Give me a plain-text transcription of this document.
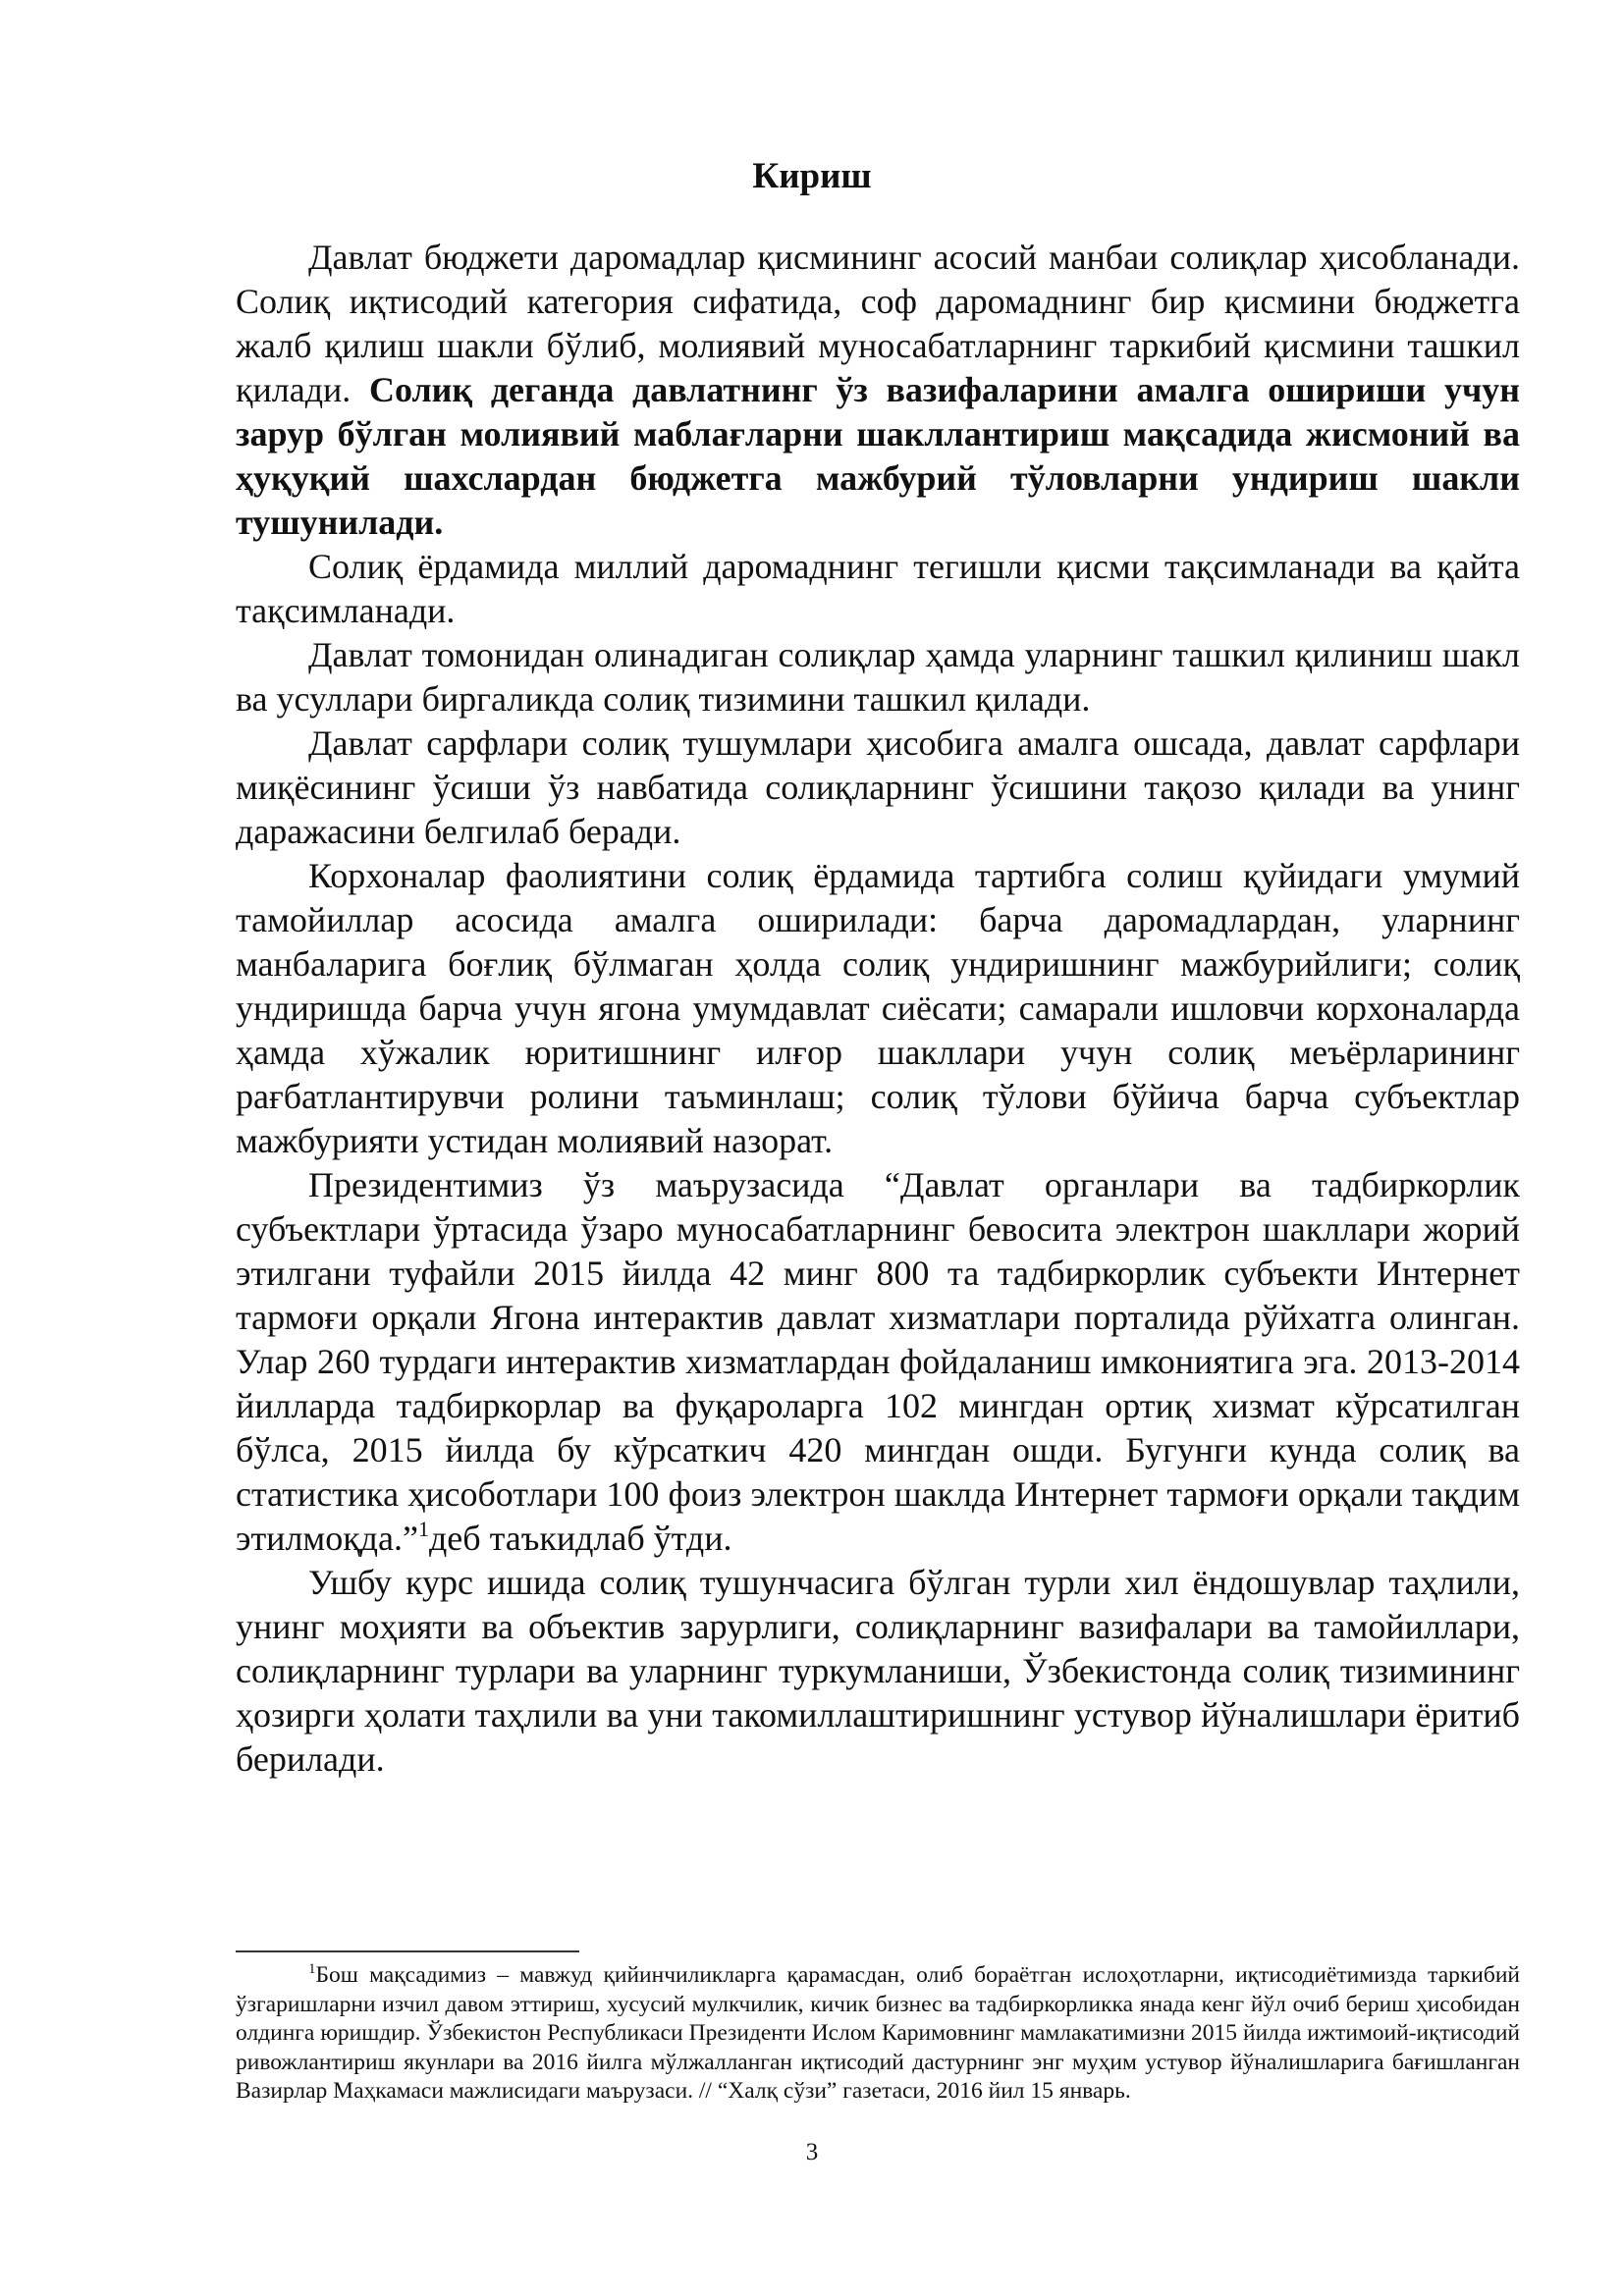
Кириш

Давлат бюджети даромадлар қисмининг асосий манбаи солиқлар ҳисобланади. Солиқ иқтисодий категория сифатида, соф даромаднинг бир қисмини бюджетга жалб қилиш шакли бўлиб, молиявий муносабатларнинг таркибий қисмини ташкил қилади. Солиқ деганда давлатнинг ўз вазифаларини амалга ошириши учун зарур бўлган молиявий маблағларни шакллантириш мақсадида жисмоний ва ҳуқуқий шахслардан бюджетга мажбурий тўловларни ундириш шакли тушунилади.

Солиқ ёрдамида миллий даромаднинг тегишли қисми тақсимланади ва қайта тақсимланади.

Давлат томонидан олинадиган солиқлар ҳамда уларнинг ташкил қилиниш шакл ва усуллари биргаликда солиқ тизимини ташкил қилади.

Давлат сарфлари солиқ тушумлари ҳисобига амалга ошсада, давлат сарфлари миқёсининг ўсиши ўз навбатида солиқларнинг ўсишини тақозо қилади ва унинг даражасини белгилаб беради.

Корхоналар фаолиятини солиқ ёрдамида тартибга солиш қуйидаги умумий тамойиллар асосида амалга оширилади: барча даромадлардан, уларнинг манбаларига боғлиқ бўлмаган ҳолда солиқ ундиришнинг мажбурийлиги; солиқ ундиришда барча учун ягона умумдавлат сиёсати; самарали ишловчи корхоналарда ҳамда хўжалик юритишнинг илғор шакллари учун солиқ меъёрларининг рағбатлантирувчи ролини таъминлаш; солиқ тўлови бўйича барча субъектлар мажбурияти устидан молиявий назорат.

Президентимиз ўз маърузасида “Давлат органлари ва тадбиркорлик субъектлари ўртасида ўзаро муносабатларнинг бевосита электрон шакллари жорий этилгани туфайли 2015 йилда 42 минг 800 та тадбиркорлик субъекти Интернет тармоғи орқали Ягона интерактив давлат хизматлари порталида рўйхатга олинган. Улар 260 турдаги интерактив хизматлардан фойдаланиш имкониятига эга. 2013-2014 йилларда тадбиркорлар ва фуқароларга 102 мингдан ортиқ хизмат кўрсатилган бўлса, 2015 йилда бу кўрсаткич 420 мингдан ошди. Бугунги кунда солиқ ва статистика ҳисоботлари 100 фоиз электрон шаклда Интернет тармоғи орқали тақдим этилмоқда.”$^1$деб таъкидлаб ўтди.

Ушбу курс ишида солиқ тушунчасига бўлган турли хил ёндошувлар таҳлили, унинг моҳияти ва объектив зарурлиги, солиқларнинг вазифалари ва тамойиллари, солиқларнинг турлари ва уларнинг туркумланиши, Ўзбекистонда солиқ тизимининг ҳозирги ҳолати таҳлили ва уни такомиллаштиришнинг устувор йўналишлари ёритиб берилади.

$^1$Бош мақсадимиз – мавжуд қийинчиликларга қарамасдан, олиб бораётган ислоҳотларни, иқтисодиётимизда таркибий ўзгаришларни изчил давом эттириш, хусусий мулкчилик, кичик бизнес ва тадбиркорликка янада кенг йўл очиб бериш ҳисобидан олдинга юришдир. Ўзбекистон Республикаси Президенти Ислом Каримовнинг мамлакатимизни 2015 йилда ижтимоий-иқтисодий ривожлантириш якунлари ва 2016 йилга мўлжалланган иқтисодий дастурнинг энг муҳим устувор йўналишларига бағишланган Вазирлар Маҳкамаси мажлисидаги маърузаси. // “Халқ сўзи” газетаси, 2016 йил 15 январь.

3
